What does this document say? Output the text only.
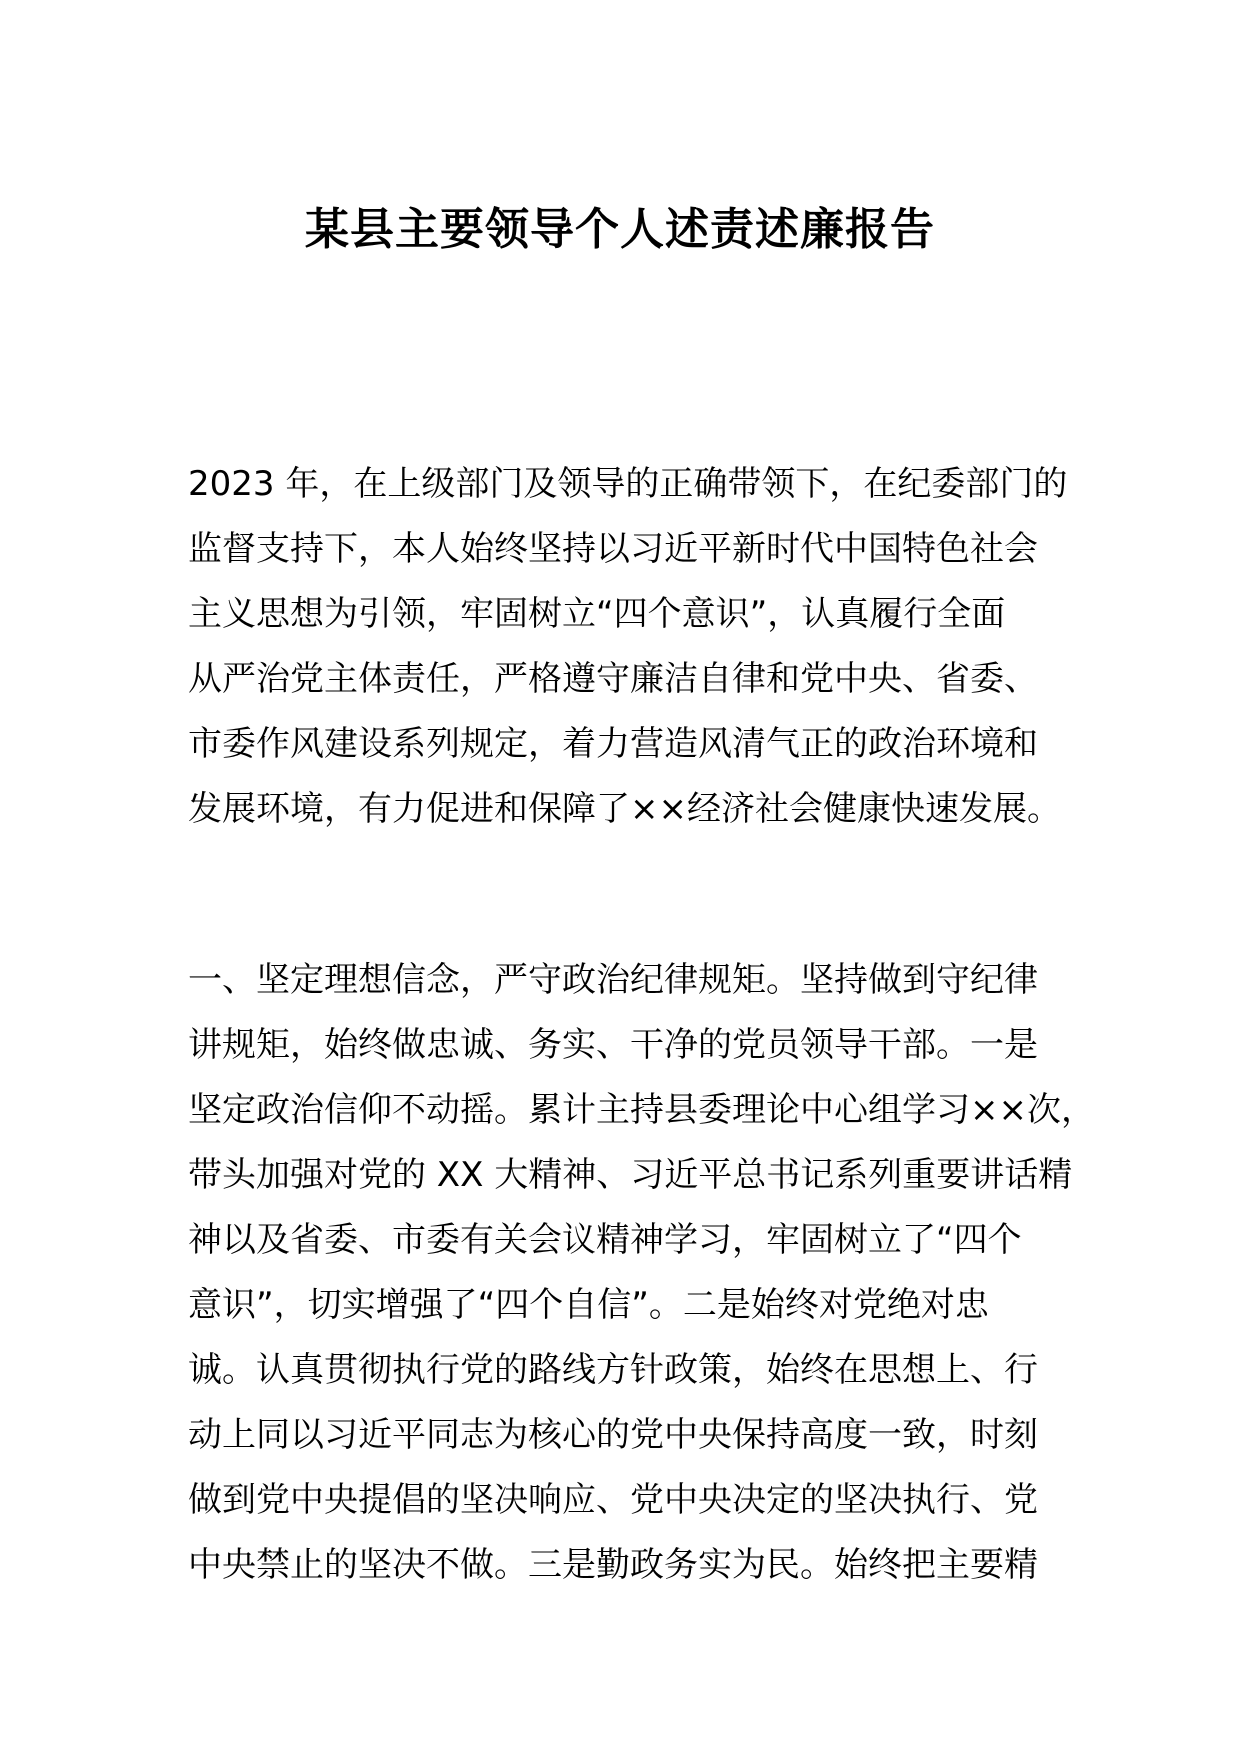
某县主要领导个人述责述廉报告
2023 年，在上级部门及领导的正确带领下，在纪委部门的
监督支持下，本人始终坚持以习近平新时代中国特色社会
主义思想为引领，牢固树立“四个意识”，认真履行全面
从严治党主体责任，严格遵守廉洁自律和党中央、省委、
市委作风建设系列规定，着力营造风清气正的政治环境和
发展环境，有力促进和保障了××经济社会健康快速发展。
一、坚定理想信念，严守政治纪律规矩。坚持做到守纪律
讲规矩，始终做忠诚、务实、干净的党员领导干部。一是
坚定政治信仰不动摇。累计主持县委理论中心组学习××次，
带头加强对党的 XX 大精神、习近平总书记系列重要讲话精
神以及省委、市委有关会议精神学习，牢固树立了“四个
意识”，切实增强了“四个自信”。二是始终对党绝对忠
诚。认真贯彻执行党的路线方针政策，始终在思想上、行
动上同以习近平同志为核心的党中央保持高度一致，时刻
做到党中央提倡的坚决响应、党中央决定的坚决执行、党
中央禁止的坚决不做。三是勤政务实为民。始终把主要精
